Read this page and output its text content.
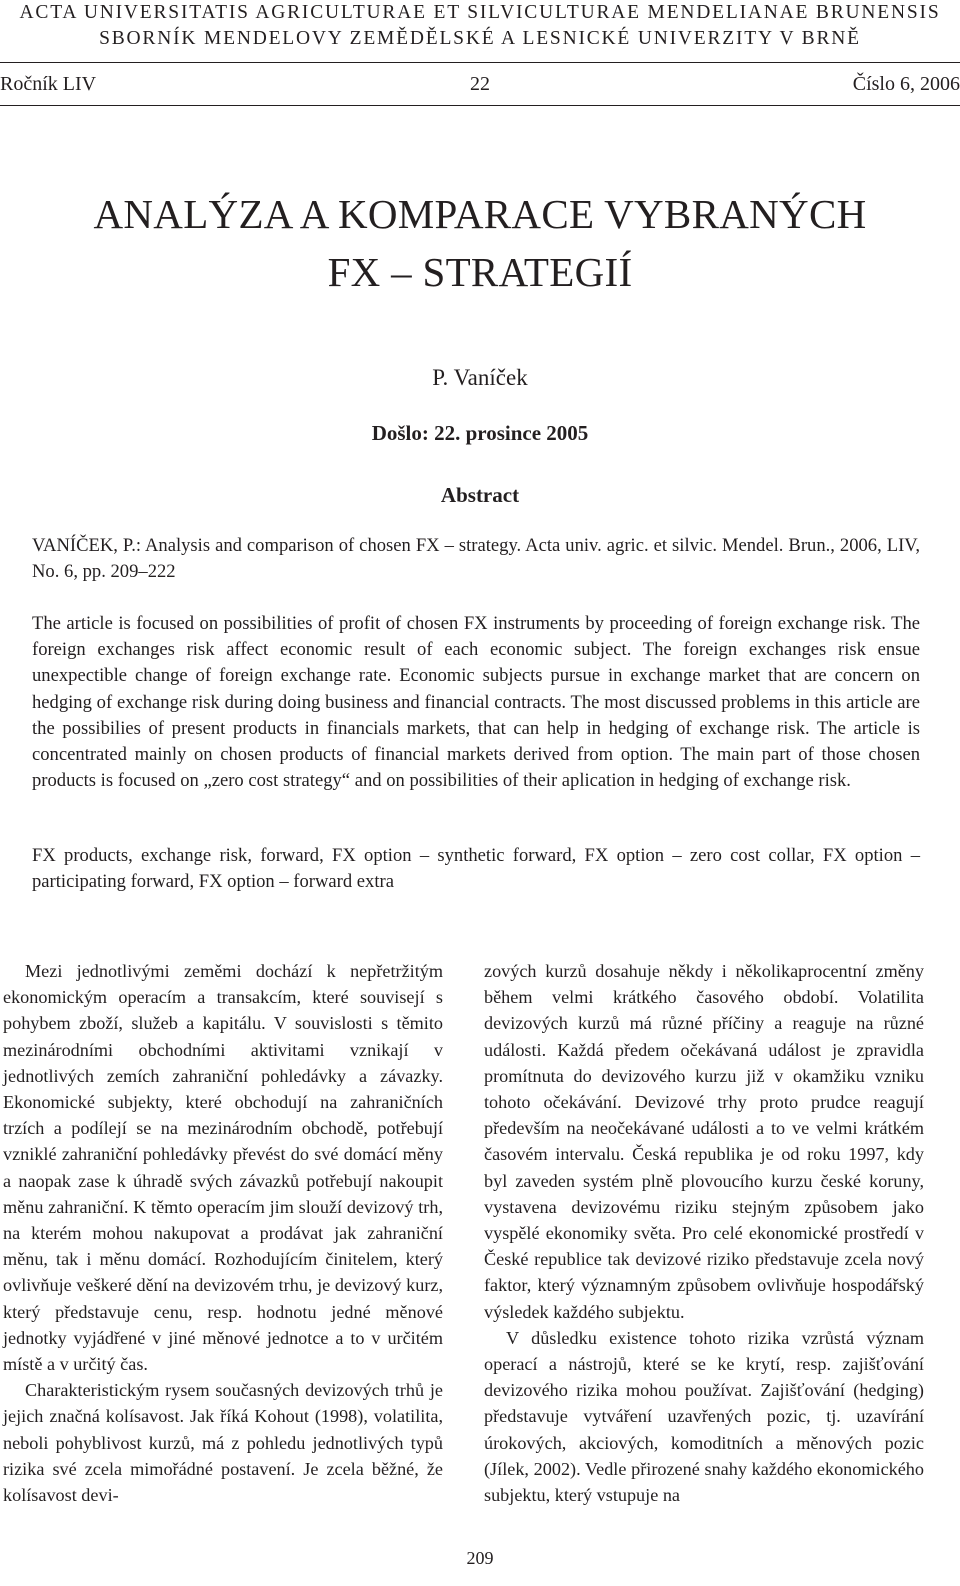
ACTA UNIVERSITATIS AGRICULTURAE ET SILVICULTURAE MENDELIANAE BRUNENSIS
SBORNÍK MENDELOVY ZEMĚDĚLSKÉ A LESNICKÉ UNIVERZITY V BRNĚ
Ročník LIV	22	Číslo 6, 2006
ANALÝZA A KOMPARACE VYBRANÝCH
FX – STRATEGIÍ
P. Vaníček
Došlo: 22. prosince 2005
Abstract

VANÍČEK, P.: Analysis and comparison of chosen FX – strategy. Acta univ. agric. et silvic. Mendel. Brun., 2006, LIV, No. 6, pp. 209–222

The article is focused on possibilities of profit of chosen FX instruments by proceeding of foreign exchange risk. The foreign exchanges risk affect economic result of each economic subject. The foreign exchanges risk ensue unexpectible change of foreign exchange rate. Economic subjects pursue in exchange market that are concern on hedging of exchange risk during doing business and financial contracts. The most discussed problems in this article are the possibilies of present products in financials markets, that can help in hedging of exchange risk. The article is concentrated mainly on chosen products of financial markets derived from option. The main part of those chosen products is focused on „zero cost strategy“ and on possibilities of their aplication in hedging of exchange risk.

FX products, exchange risk, forward, FX option – synthetic forward, FX option – zero cost collar, FX option – participating forward, FX option – forward extra

Mezi jednotlivými zeměmi dochází k nepřetržitým ekonomickým operacím a transakcím, které souvisejí s pohybem zboží, služeb a kapitálu. V souvislosti s těmito mezinárodními obchodními aktivitami vznikají v jednotlivých zemích zahraniční pohledávky a závazky. Ekonomické subjekty, které obchodují na zahraničních trzích a podílejí se na mezinárodním obchodě, potřebují vzniklé zahraniční pohledávky převést do své domácí měny a naopak zase k úhradě svých závazků potřebují nakoupit měnu zahraniční. K těmto operacím jim slouží devizový trh, na kterém mohou nakupovat a prodávat jak zahraniční měnu, tak i měnu domácí. Rozhodujícím činitelem, který ovlivňuje veškeré dění na devizovém trhu, je devizový kurz, který představuje cenu, resp. hodnotu jedné měnové jednotky vyjádřené v jiné měnové jednotce a to v určitém místě a v určitý čas.

Charakteristickým rysem současných devizových trhů je jejich značná kolísavost. Jak říká Kohout (1998), volatilita, neboli pohyblivost kurzů, má z pohledu jednotlivých typů rizika své zcela mimořádné postavení. Je zcela běžné, že kolísavost devi-

zových kurzů dosahuje někdy i několikaprocentní změny během velmi krátkého časového období. Volatilita devizových kurzů má různé příčiny a reaguje na různé události. Každá předem očekávaná událost je zpravidla promítnuta do devizového kurzu již v okamžiku vzniku tohoto očekávání. Devizové trhy proto prudce reagují především na neočekávané události a to ve velmi krátkém časovém intervalu. Česká republika je od roku 1997, kdy byl zaveden systém plně plovoucího kurzu české koruny, vystavena devizovému riziku stejným způsobem jako vyspělé ekonomiky světa. Pro celé ekonomické prostředí v České republice tak devizové riziko představuje zcela nový faktor, který významným způsobem ovlivňuje hospodářský výsledek každého subjektu.

V důsledku existence tohoto rizika vzrůstá význam operací a nástrojů, které se ke krytí, resp. zajišťování devizového rizika mohou používat. Zajišťování (hedging) představuje vytváření uzavřených pozic, tj. uzavírání úrokových, akciových, komoditních a měnových pozic (Jílek, 2002). Vedle přirozené snahy každého ekonomického subjektu, který vstupuje na

209
